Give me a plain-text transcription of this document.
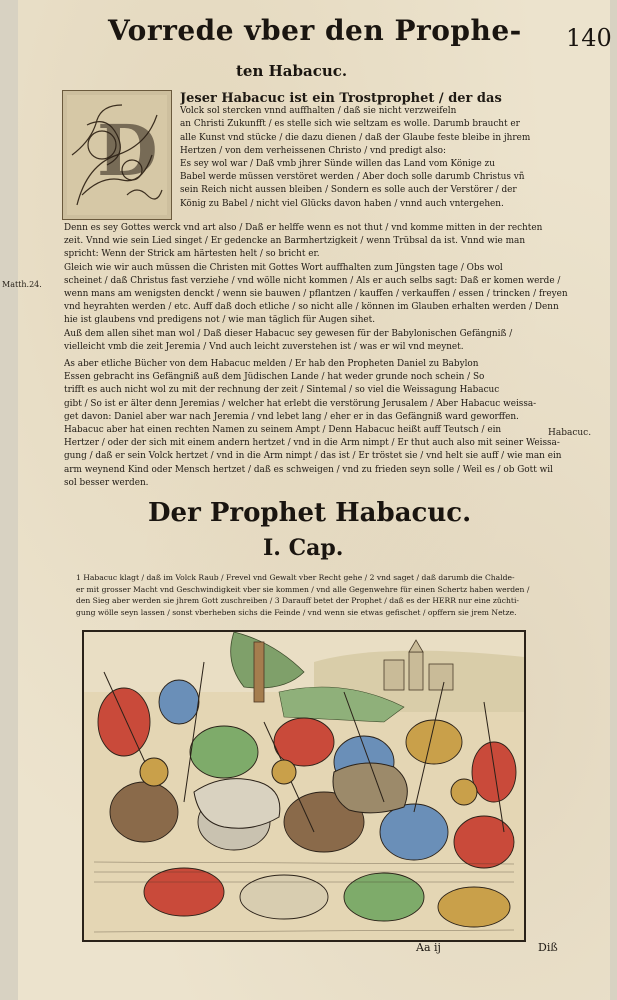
Vorrede vber den Prophe- 140
ten Habacuc.
D
Jeser Habacuc ist ein Trostprophet / der das
Volck sol stercken vnnd auffhalten / daß sie nicht verzweifeln
an Christi Zukunfft / es stelle sich wie seltzam es wolle. Darumb braucht er
alle Kunst vnd stücke / die dazu dienen / daß der Glaube feste bleibe in jhrem
Hertzen / von dem verheissenen Christo / vnd predigt also:
Es sey wol war / Daß vmb jhrer Sünde willen das Land vom Könige zu
Babel werde müssen verstöret werden / Aber doch solle darumb Christus vñ
sein Reich nicht aussen bleiben / Sondern es solle auch der Verstörer / der
König zu Babel / nicht viel Glücks davon haben / vnnd auch vntergehen.
Denn es sey Gottes werck vnd art also / Daß er helffe wenn es not thut / vnd komme mitten in der rechten
zeit. Vnnd wie sein Lied singet / Er gedencke an Barmhertzigkeit / wenn Trübsal da ist. Vnnd wie man
spricht: Wenn der Strick am härtesten helt / so bricht er.
Gleich wie wir auch müssen die Christen mit Gottes Wort auffhalten zum Jüngsten tage / Obs wol
scheinet / daß Christus fast verziehe / vnd wölle nicht kommen / Als er auch selbs sagt: Daß er komen werde /
wenn mans am wenigsten denckt / wenn sie bauwen / pflantzen / kauffen / verkauffen / essen / trincken / freyen
vnd heyrahten werden / etc. Auff daß doch etliche / so nicht alle / können im Glauben erhalten werden / Denn
hie ist glaubens vnd predigens not / wie man täglich für Augen sihet.
Auß dem allen sihet man wol / Daß dieser Habacuc sey gewesen für der Babylonischen Gefängniß /
vielleicht vmb die zeit Jeremia / Vnd auch leicht zuverstehen ist / was er wil vnd meynet.
Matth.24.
As aber etliche Bücher von dem Habacuc melden / Er hab den Propheten Daniel zu Babylon
Essen gebracht ins Gefängniß auß dem Jüdischen Lande / hat weder grunde noch schein / So
trifft es auch nicht wol zu mit der rechnung der zeit / Sintemal / so viel die Weissagung Habacuc
gibt / So ist er älter denn Jeremias / welcher hat erlebt die verstörung Jerusalem / Aber Habacuc weissa-
get davon: Daniel aber war nach Jeremia / vnd lebet lang / eher er in das Gefängniß ward geworffen.
Habacuc aber hat einen rechten Namen zu seinem Ampt / Denn Habacuc heißt auff Teutsch / ein
Hertzer / oder der sich mit einem andern hertzet / vnd in die Arm nimpt / Er thut auch also mit seiner Weissa-
gung / daß er sein Volck hertzet / vnd in die Arm nimpt / das ist / Er tröstet sie / vnd helt sie auff / wie man ein
arm weynend Kind oder Mensch hertzet / daß es schweigen / vnd zu frieden seyn solle / Weil es / ob Gott wil
sol besser werden.
Habacuc.
Der Prophet Habacuc.
I. Cap.
1 Habacuc klagt / daß im Volck Raub / Frevel vnd Gewalt vber Recht gehe / 2 vnd saget / daß darumb die Chalde-
er mit grosser Macht vnd Geschwindigkeit vber sie kommen / vnd alle Gegenwehre für einen Schertz haben werden /
den Sieg aber werden sie jhrem Gott zuschreiben / 3 Darauff betet der Prophet / daß es der HERR nur eine züchti-
gung wölle seyn lassen / sonst vberheben sichs die Feinde / vnd wenn sie etwas gefischet / opffern sie jrem Netze.
Aa ij	Diß
